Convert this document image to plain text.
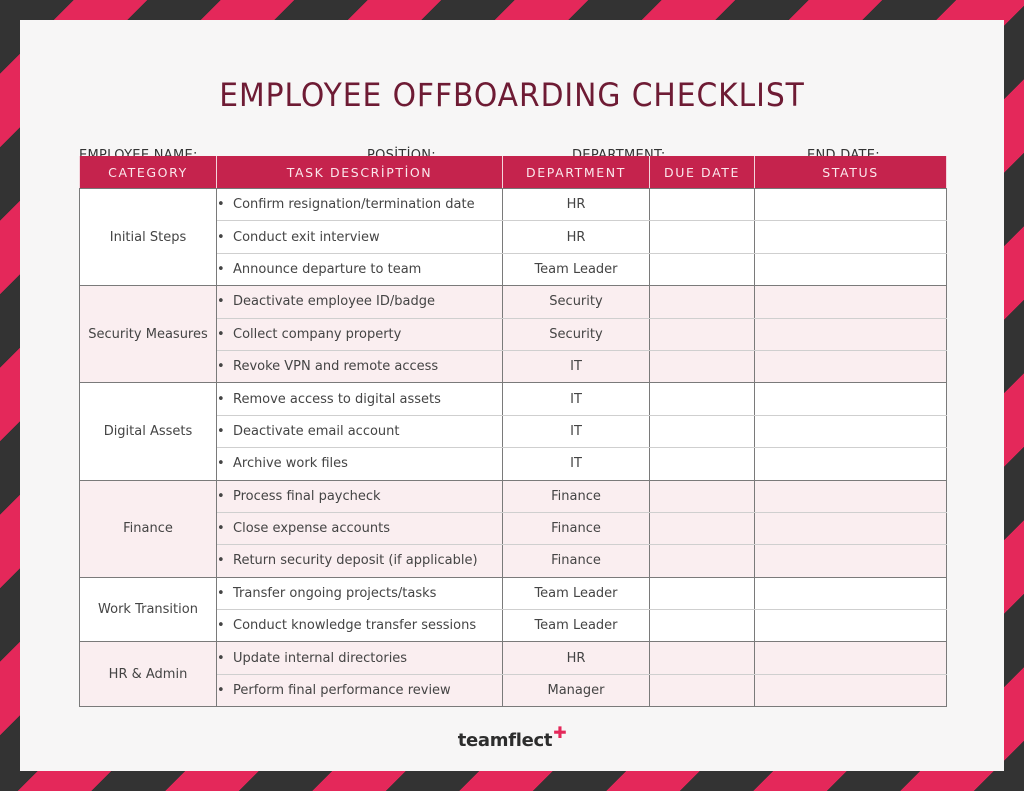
EMPLOYEE OFFBOARDING CHECKLIST
teamflect✚
CATEGORY	TASK DESCRİPTİON	DEPARTMENT	DUE DATE	STATUS
Initial Steps	• Confirm resignation/termination date	HR		
	• Conduct exit interview	HR		
	• Announce departure to team	Team Leader		
Security Measures	• Deactivate employee ID/badge	Security		
	• Collect company property	Security		
	• Revoke VPN and remote access	IT		
Digital Assets	• Remove access to digital assets	IT		
	• Deactivate email account	IT		
	• Archive work files	IT		
Finance	• Process final paycheck	Finance		
	• Close expense accounts	Finance		
	• Return security deposit (if applicable)	Finance		
Work Transition	• Transfer ongoing projects/tasks	Team Leader		
	• Conduct knowledge transfer sessions	Team Leader		
HR & Admin	• Update internal directories	HR		
	• Perform final performance review	Manager		
